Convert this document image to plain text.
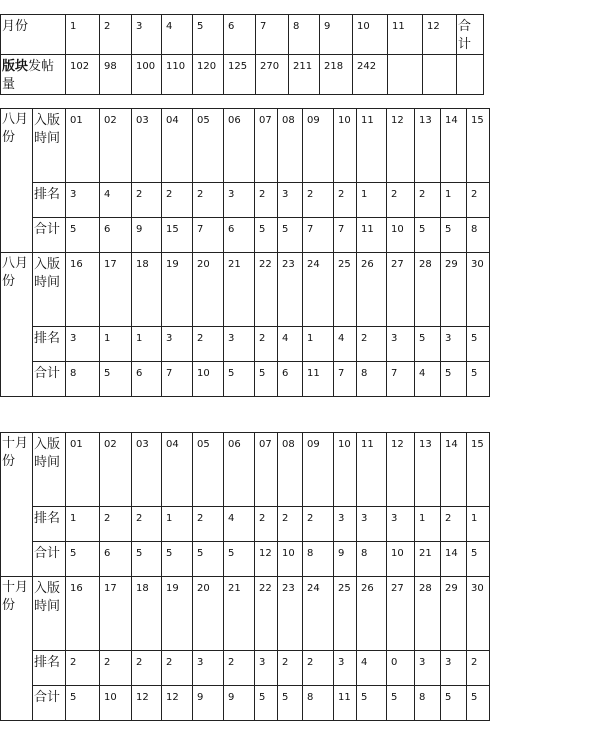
月份	1	2	3	4	5	6	7	8	9	10	11	12	合计
版块发帖量	102	98	100	110	120	125	270	211	218	242			
八月份	入版時间	01	02	03	04	05	06	07	08	09	10	11	12	13	14	15
	排名	3	4	2	2	2	3	2	3	2	2	1	2	2	1	2
	合计	5	6	9	15	7	6	5	5	7	7	11	10	5	5	8
八月份	入版時间	16	17	18	19	20	21	22	23	24	25	26	27	28	29	30
	排名	3	1	1	3	2	3	2	4	1	4	2	3	5	3	5
	合计	8	5	6	7	10	5	5	6	11	7	8	7	4	5	5
十月份	入版時间	01	02	03	04	05	06	07	08	09	10	11	12	13	14	15
	排名	1	2	2	1	2	4	2	2	2	3	3	3	1	2	1
	合计	5	6	5	5	5	5	12	10	8	9	8	10	21	14	5
十月份	入版時间	16	17	18	19	20	21	22	23	24	25	26	27	28	29	30
	排名	2	2	2	2	3	2	3	2	2	3	4	0	3	3	2
	合计	5	10	12	12	9	9	5	5	8	11	5	5	8	5	5
